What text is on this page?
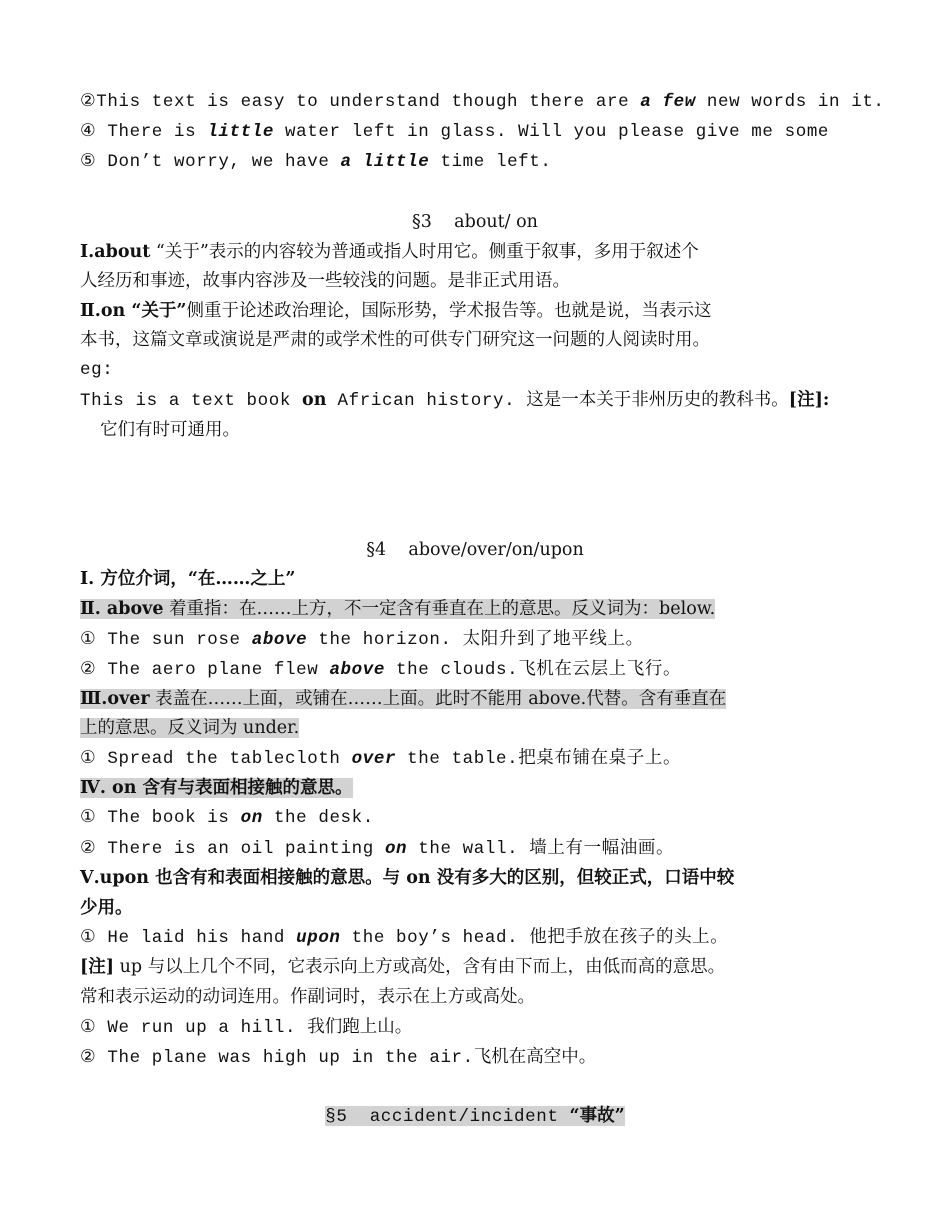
②This text is easy to understand though there are a few new words in it.
④ There is little water left in glass. Will you please give me some
⑤ Don’t worry, we have a little time left.
§3    about/ on
Ⅰ.about “关于”表示的内容较为普通或指人时用它。侧重于叙事，多用于叙述个
人经历和事迹，故事内容涉及一些较浅的问题。是非正式用语。
Ⅱ.on “关于”侧重于论述政治理论，国际形势，学术报告等。也就是说，当表示这
本书，这篇文章或演说是严肃的或学术性的可供专门研究这一问题的人阅读时用。
eg:
This is a text book on African history. 这是一本关于非州历史的教科书。[注]:
它们有时可通用。
§4    above/over/on/upon
Ⅰ. 方位介词，“在……之上”
Ⅱ. above 着重指：在……上方，不一定含有垂直在上的意思。反义词为：below.
① The sun rose above the horizon. 太阳升到了地平线上。
② The aero plane flew above the clouds.飞机在云层上飞行。
Ⅲ.over 表盖在……上面，或铺在……上面。此时不能用 above.代替。含有垂直在
上的意思。反义词为 under.
① Spread the tablecloth over the table.把桌布铺在桌子上。
Ⅳ. on 含有与表面相接触的意思。
① The book is on the desk.
② There is an oil painting on the wall. 墙上有一幅油画。
Ⅴ.upon 也含有和表面相接触的意思。与 on 没有多大的区别，但较正式，口语中较
少用。
① He laid his hand upon the boy’s head. 他把手放在孩子的头上。
[注] up 与以上几个不同，它表示向上方或高处，含有由下而上，由低而高的意思。
常和表示运动的动词连用。作副词时，表示在上方或高处。
① We run up a hill. 我们跑上山。
② The plane was high up in the air.飞机在高空中。
§5  accident/incident “事故”
